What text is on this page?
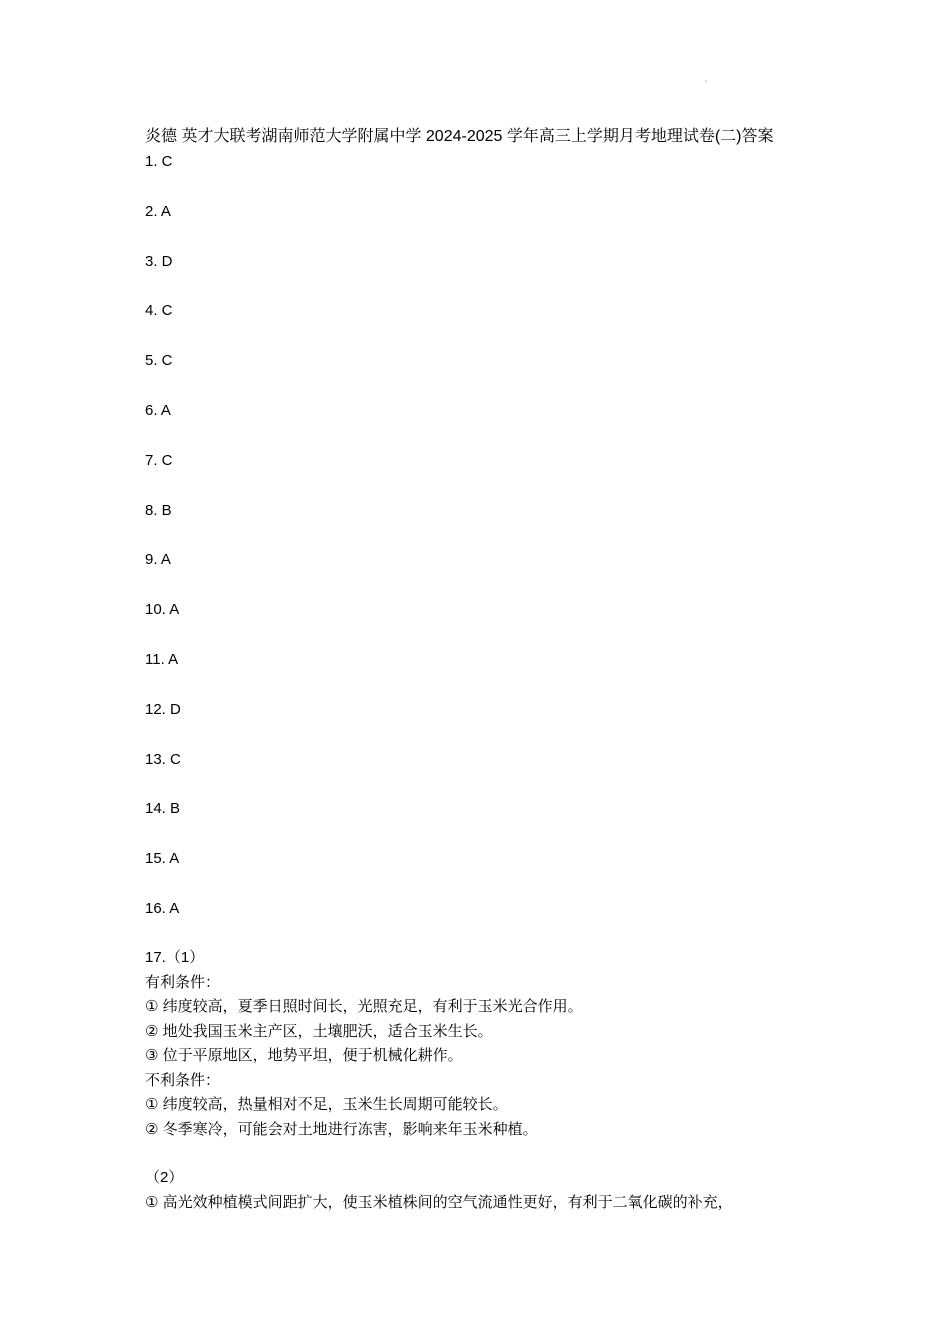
炎德 英才大联考湖南师范大学附属中学 2024-2025 学年高三上学期月考地理试卷(二)答案
1. C
2. A
3. D
4. C
5. C
6. A
7. C
8. B
9. A
10. A
11. A
12. D
13. C
14. B
15. A
16. A
17.（1）
有利条件：
① 纬度较高，夏季日照时间长，光照充足，有利于玉米光合作用。
② 地处我国玉米主产区，土壤肥沃，适合玉米生长。
③ 位于平原地区，地势平坦，便于机械化耕作。
不利条件：
① 纬度较高，热量相对不足，玉米生长周期可能较长。
② 冬季寒冷，可能会对土地进行冻害，影响来年玉米种植。
（2）
① 高光效种植模式间距扩大，使玉米植株间的空气流通性更好，有利于二氧化碳的补充，
